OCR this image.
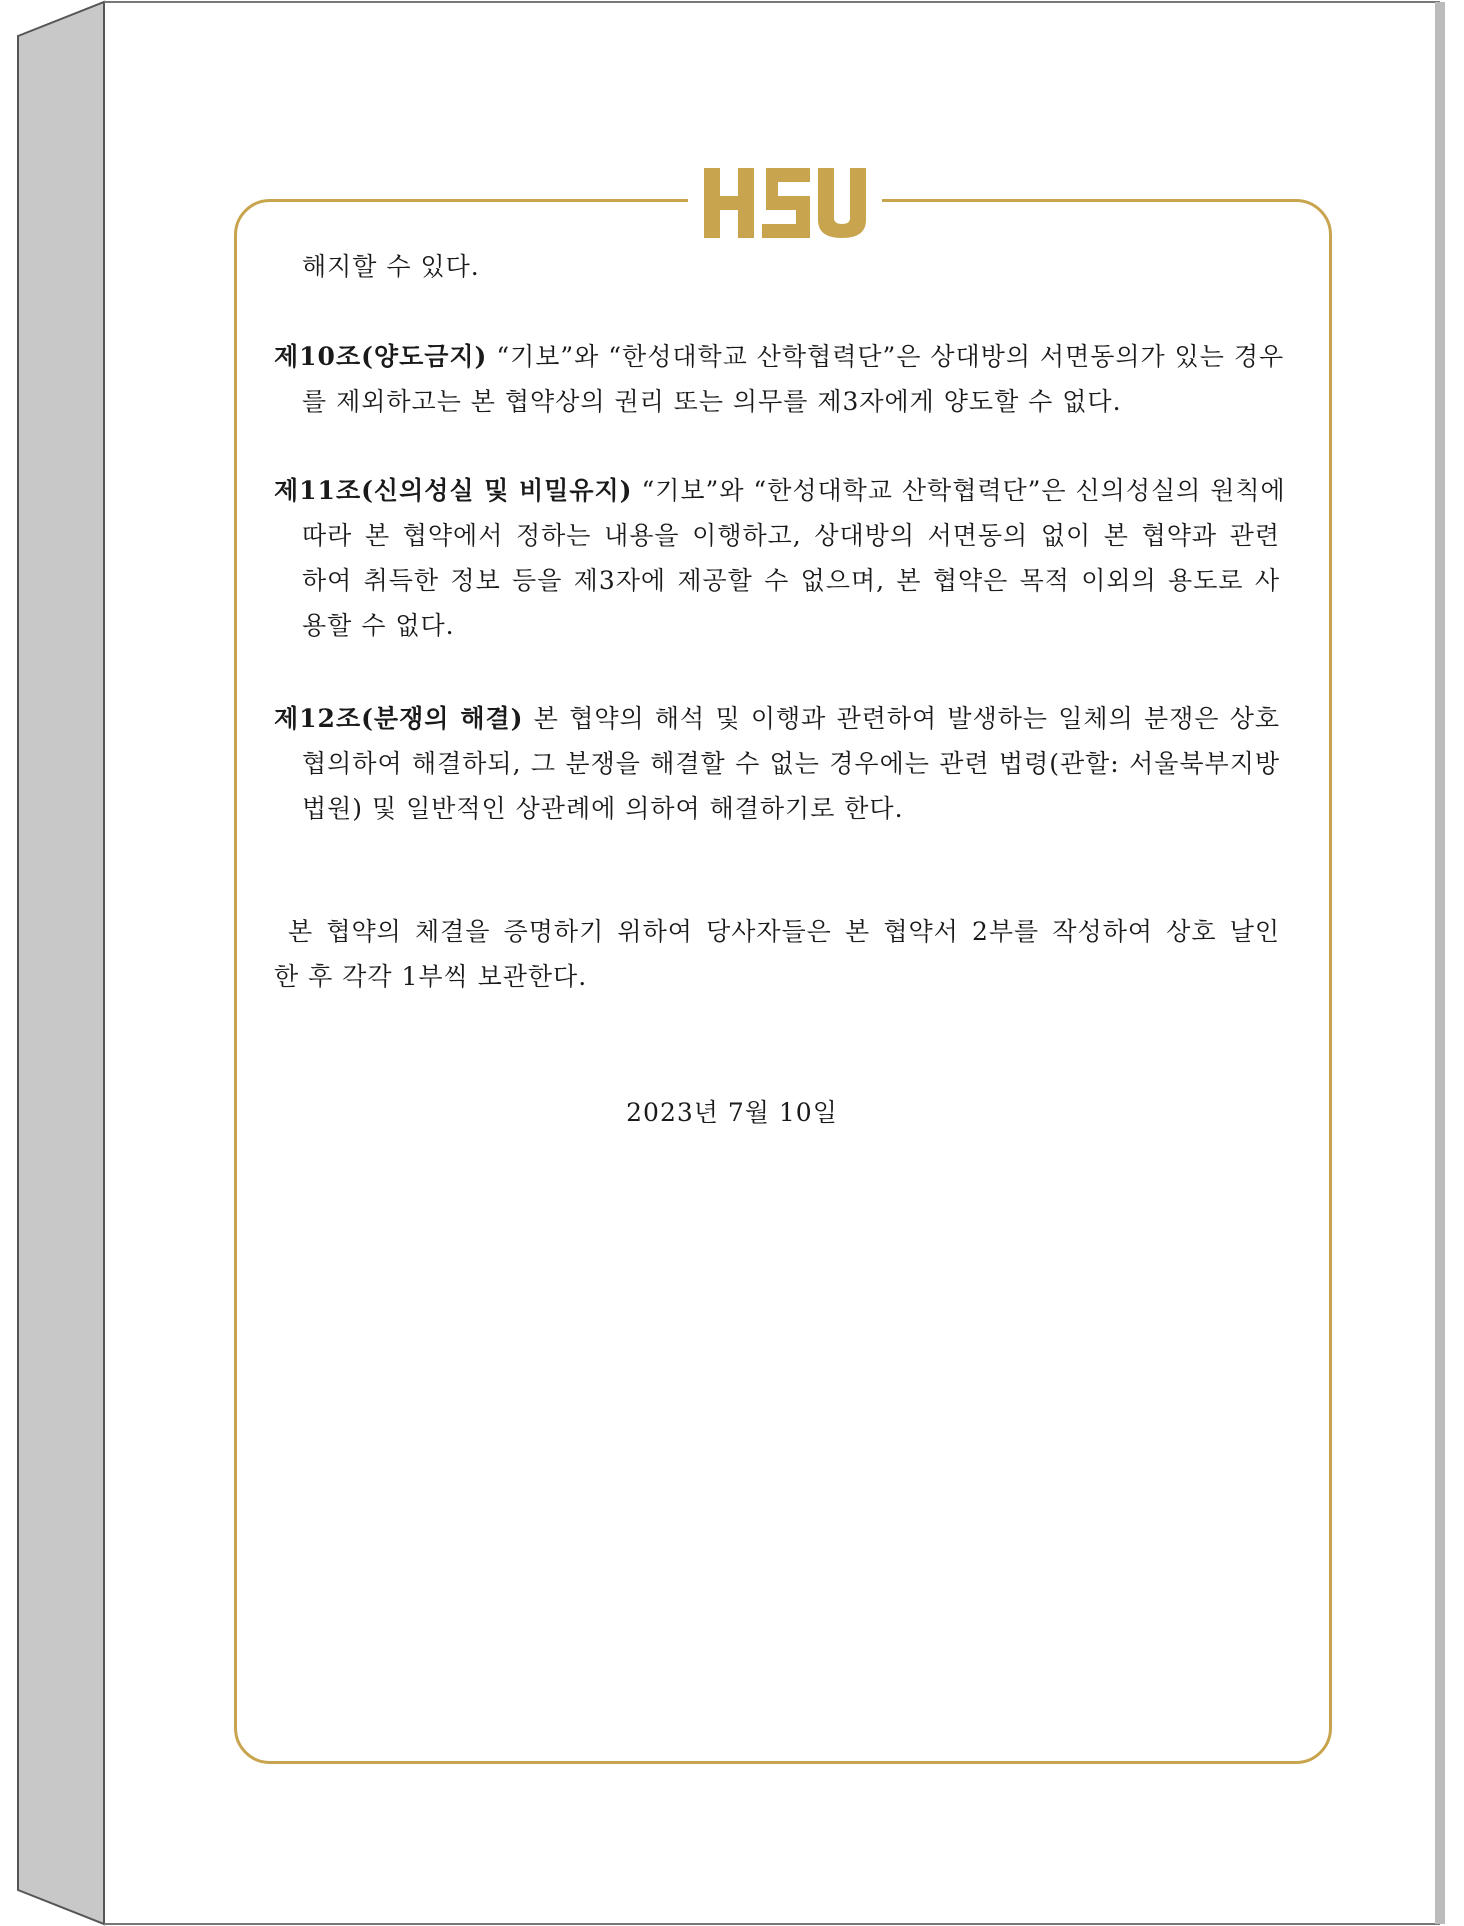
해지할 수 있다.
제10조(양도금지) “기보”와 “한성대학교 산학협력단”은 상대방의 서면동의가 있는 경우
를 제외하고는 본 협약상의 권리 또는 의무를 제3자에게 양도할 수 없다.
제11조(신의성실 및 비밀유지) “기보”와 “한성대학교 산학협력단”은 신의성실의 원칙에
따라 본 협약에서 정하는 내용을 이행하고, 상대방의 서면동의 없이 본 협약과 관련
하여 취득한 정보 등을 제3자에 제공할 수 없으며, 본 협약은 목적 이외의 용도로 사
용할 수 없다.
제12조(분쟁의 해결) 본 협약의 해석 및 이행과 관련하여 발생하는 일체의 분쟁은 상호
협의하여 해결하되, 그 분쟁을 해결할 수 없는 경우에는 관련 법령(관할: 서울북부지방
법원) 및 일반적인 상관례에 의하여 해결하기로 한다.
본 협약의 체결을 증명하기 위하여 당사자들은 본 협약서 2부를 작성하여 상호 날인
한 후 각각 1부씩 보관한다.
2023년 7월 10일
